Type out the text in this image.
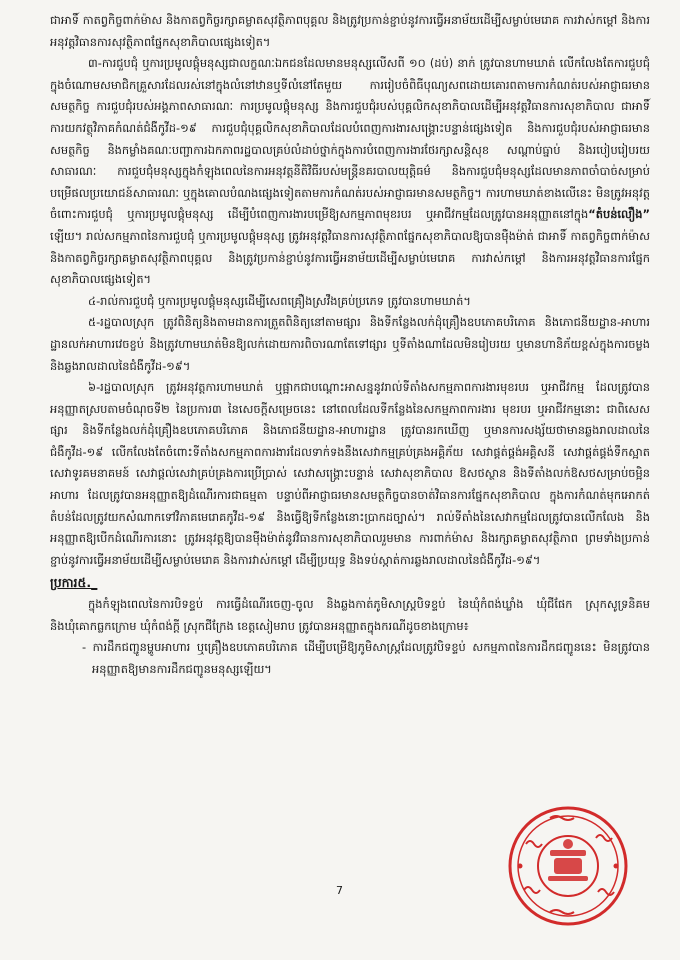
ជាអាទិ៍ កាតព្វកិច្ចពាក់ម៉ាស និងកាតព្វកិច្ចរក្សាគម្លាតសុវត្ថិភាពបុគ្គល និងត្រូវប្រកាន់ខ្ជាប់នូវការធ្វើអនាម័យដើម្បីសម្លាប់មេរោគ ការវាស់កម្តៅ និងការអនុវត្តវិធានការសុវត្ថិភាពផ្នែកសុខាភិបាលផ្សេងទៀត។

៣-ការជួបជុំ ឬការប្រមូលផ្តុំមនុស្សជាលក្ខណៈឯកជនដែលមានមនុស្សលើសពី ១០ (ដប់) នាក់ ត្រូវបានហាមឃាត់ លើកលែងតែការជួបជុំក្នុងចំណោមសមាជិកគ្រួសារដែលរស់នៅក្នុងលំនៅឋានឬទីលំនៅតែមួយ ការរៀបចំពិធីបុណ្យសពដោយគោរពតាមការកំណត់របស់អាជ្ញាធរមានសមត្ថកិច្ច ការជួបជុំរបស់អង្គភាពសាធារណៈ ការប្រមូលផ្តុំមនុស្ស និងការជួបជុំរបស់បុគ្គលិកសុខាភិបាលដើម្បីអនុវត្តវិធានការសុខាភិបាល ជាអាទិ៍ ការយកវត្ថុវិភាគកំណត់ជំងឺកូវីដ-១៩ ការជួបជុំបុគ្គលិកសុខាភិបាលដែលបំពេញការងារសង្គ្រោះបន្ទាន់ផ្សេងទៀត និងការជួបជុំរបស់អាជ្ញាធរមានសមត្ថកិច្ច និងកម្លាំងគណៈបញ្ជាការឯកភាពរដ្ឋបាលគ្រប់លំដាប់ថ្នាក់ក្នុងការបំពេញការងារថែរក្សាសន្តិសុខ សណ្តាប់ធ្នាប់ និងរបៀបរៀបរយសាធារណៈ ការជួបជុំមនុស្សក្នុងកំឡុងពេលនៃការអនុវត្តនីតិវិធីរបស់មន្រ្តីនគរបាលយុត្តិធម៌ និងការជួបជុំមនុស្សដែលមានភាពចាំបាច់សម្រាប់បម្រើផលប្រយោជន៍សាធារណៈ ឬក្នុងគោលបំណងផ្សេងទៀតតាមការកំណត់របស់អាជ្ញាធរមានសមត្ថកិច្ច។ ការហាមឃាត់ខាងលើនេះ មិនត្រូវអនុវត្តចំពោះការជួបជុំ ឬការប្រមូលផ្តុំមនុស្ស ដើម្បីបំពេញការងារបម្រើឱ្យសកម្មភាពមុខរបរ ឬអាជីវកម្មដែលត្រូវបានអនុញ្ញាតនៅក្នុង“តំបន់លឿង” ឡើយ។ រាល់សកម្មភាពនៃការជួបជុំ ឬការប្រមូលផ្តុំមនុស្ស ត្រូវអនុវត្តវិធានការសុវត្ថិភាពផ្នែកសុខាភិបាលឱ្យបានម៉ឺងម៉ាត់ ជាអាទិ៍ កាតព្វកិច្ចពាក់ម៉ាស និងកាតព្វកិច្ចរក្សាគម្លាតសុវត្ថិភាពបុគ្គល និងត្រូវប្រកាន់ខ្ជាប់នូវការធ្វើអនាម័យដើម្បីសម្លាប់មេរោគ ការវាស់កម្តៅ និងការអនុវត្តវិធានការផ្នែកសុខាភិបាលផ្សេងទៀត។

៤-រាល់ការជួបជុំ ឬការប្រមូលផ្តុំមនុស្សដើម្បីសេពគ្រឿងស្រវឹងគ្រប់ប្រភេទ ត្រូវបានហាមឃាត់។

៥-រដ្ឋបាលស្រុក ត្រូវពិនិត្យនិងតាមដានការត្រួតពិនិត្យនៅតាមផ្សារ និងទីកន្លែងលក់ដុំគ្រឿងឧបភោគបរិភោគ និងភោជនីយដ្ឋាន-អាហារដ្ឋានលក់អាហារវេចខ្ចប់ និងត្រូវហាមឃាត់មិនឱ្យលក់ដោយការពិចារណាតែទៅផ្សារ ឬទីតាំងណាដែលមិនរៀបរយ ឬមានហានិភ័យខ្ពស់ក្នុងការចម្លង និងឆ្លងរាលដាលនៃជំងឺកូវីដ-១៩។

៦-រដ្ឋបាលស្រុក ត្រូវអនុវត្តការហាមឃាត់ ឬផ្អាកជាបណ្តោះអាសន្ននូវរាល់ទីតាំងសកម្មភាពការងារមុខរបរ ឬអាជីវកម្ម ដែលត្រូវបានអនុញ្ញាតស្របតាមចំណុចទី២ នៃប្រការ៣ នៃសេចក្តីសម្រេចនេះ នៅពេលដែលទីកន្លែងនៃសកម្មភាពការងារ មុខរបរ ឬអាជីវកម្មនោះ ជាពិសេសផ្សារ និងទីកន្លែងលក់ដុំគ្រឿងឧបភោគបរិភោគ និងភោជនីយដ្ឋាន-អាហារដ្ឋាន ត្រូវបានរកឃើញ ឬមានការសង្ស័យថាមានឆ្លងរាលដាលនៃជំងឺកូវីដ-១៩ លើកលែងតែចំពោះទីតាំងសកម្មភាពការងារដែលទាក់ទងនឹងសេវាកម្មគ្រប់គ្រងអគ្គិភ័យ សេវាផ្គត់ផ្គង់អគ្គិសនី សេវាផ្គត់ផ្គង់ទឹកស្អាត សេវាទូរគមនាគមន៍ សេវាផ្តល់សេវាគ្រប់គ្រងការប្រើប្រាស់ សេវាសង្គ្រោះបន្ទាន់ សេវាសុខាភិបាល ឱសថស្ថាន និងទីតាំងលក់ឱសថសម្រាប់ចម្អិនអាហារ ដែលត្រូវបានអនុញ្ញាតឱ្យដំណើរការជាធម្មតា បន្ទាប់ពីអាជ្ញាធរមានសមត្ថកិច្ចបានចាត់វិធានការផ្នែកសុខាភិបាល ក្នុងការកំណត់មុកអោកត់តំបន់ដែលត្រូវយកសំណាកទៅវិភាគមេរោគកូវីដ-១៩ និងធ្វើឱ្យទីកន្លែងនោះប្រាកដច្បាស់។ រាល់ទីតាំងនៃសេវាកម្មដែលត្រូវបានលើកលែង និងអនុញ្ញាតឱ្យបើកដំណើរការនោះ ត្រូវអនុវត្តឱ្យបានម៉ឺងម៉ាត់នូវវិធានការសុខាភិបាលរួមមាន ការពាក់ម៉ាស និងរក្សាគម្លាតសុវត្ថិភាព ព្រមទាំងប្រកាន់ខ្ជាប់នូវការធ្វើអនាម័យដើម្បីសម្លាប់មេរោគ និងការវាស់កម្តៅ ដើម្បីប្រយុទ្ធ និងទប់ស្កាត់ការឆ្លងរាលដាលនៃជំងឺកូវីដ-១៩។

ប្រការ៥._

ក្នុងកំឡុងពេលនៃការបិទខ្ទប់ ការធ្វើដំណើរចេញ-ចូល និងឆ្លងកាត់ភូមិសាស្រ្តបិទខ្ទប់ នៃឃុំកំពង់ឃ្លាំង ឃុំជីផែក ស្រុកសូទ្រនិគម និងឃុំគោកធ្លកក្រោម ឃុំកំពង់ក្តី ស្រុកជីក្រែង ខេត្តសៀមរាប ត្រូវបានអនុញ្ញាតក្នុងករណីដូចខាងក្រោម៖

- ការដឹកជញ្ជូនម្ហូបអាហារ ឬគ្រឿងឧបភោគបរិភោគ ដើម្បីបម្រើឱ្យភូមិសាស្រ្តដែលត្រូវបិទខ្ទប់ សកម្មភាពនៃការដឹកជញ្ជូននេះ មិនត្រូវបានអនុញ្ញាតឱ្យមានការដឹកជញ្ជូនមនុស្សឡើយ។

7
